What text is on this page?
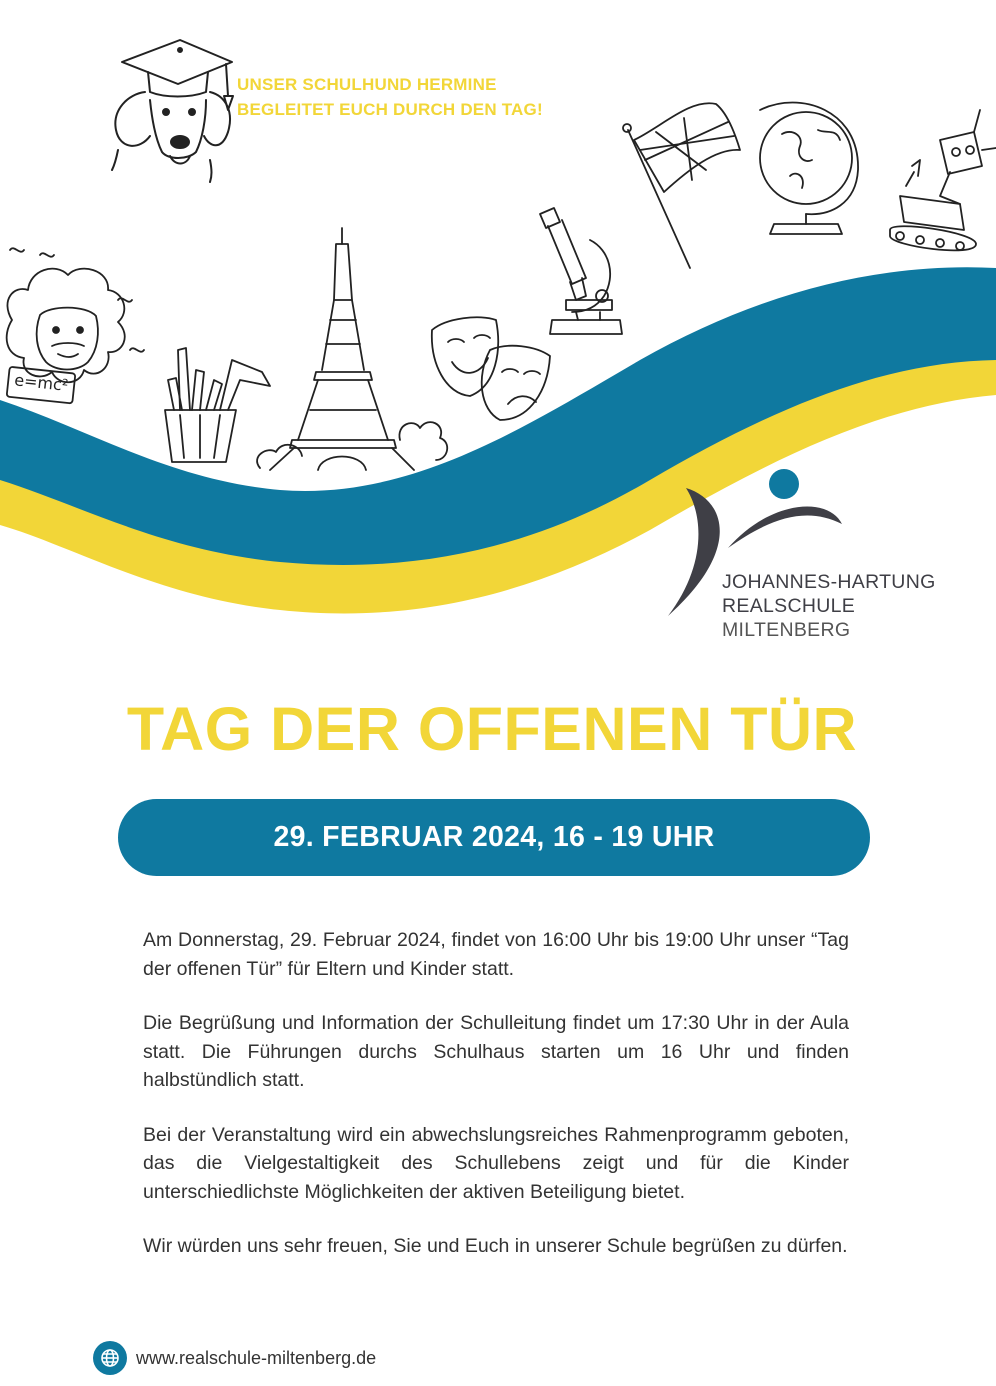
e=mc²

UNSER SCHULHUND HERMINE
BEGLEITET EUCH DURCH DEN TAG!

JOHANNES-HARTUNG
REALSCHULE
MILTENBERG
TAG DER OFFENEN TÜR
29. FEBRUAR 2024, 16 - 19 UHR

Am Donnerstag, 29. Februar 2024, findet von 16:00 Uhr bis 19:00 Uhr unser “Tag der offenen Tür” für Eltern und Kinder statt.

Die Begrüßung und Information der Schulleitung findet um 17:30 Uhr in der Aula statt. Die Führungen durchs Schulhaus starten um 16 Uhr und finden halbstündlich statt.

Bei der Veranstaltung wird ein abwechslungsreiches Rahmenprogramm geboten, das die Vielgestaltigkeit des Schullebens zeigt und für die Kinder unterschiedlichste Möglichkeiten der aktiven Beteiligung bietet.

Wir würden uns sehr freuen, Sie und Euch in unserer Schule begrüßen zu dürfen.

www.realschule-miltenberg.de
